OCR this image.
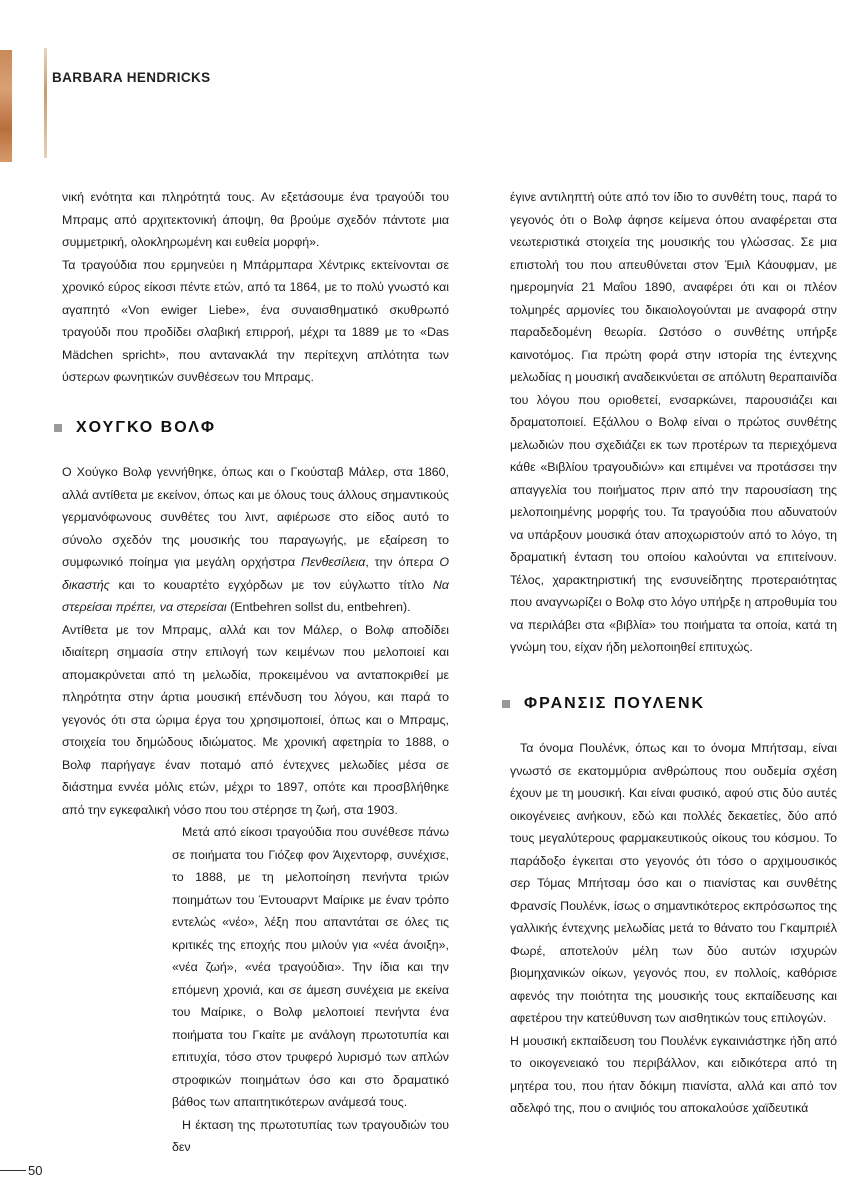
BARBARA HENDRICKS

νική ενότητα και πληρότητά τους. Αν εξετάσουμε ένα τραγούδι του Μπραμς από αρχιτεκτονική άποψη, θα βρούμε σχεδόν πάντοτε μια συμμετρική, ολοκληρωμένη και ευθεία μορφή».

Τα τραγούδια που ερμηνεύει η Μπάρμπαρα Χέντρικς εκτείνονται σε χρονικό εύρος είκοσι πέντε ετών, από τα 1864, με το πολύ γνωστό και αγαπητό «Von ewiger Liebe», ένα συναισθηματικό σκυθρωπό τραγούδι που προδίδει σλαβική επιρροή, μέχρι τα 1889 με το «Das Mädchen spricht», που αντανακλά την περίτεχνη απλότητα των ύστερων φωνητικών συνθέσεων του Μπραμς.

ΧΟΥΓΚΟ ΒΟΛΦ

Ο Χούγκο Βολφ γεννήθηκε, όπως και ο Γκούσταβ Μάλερ, στα 1860, αλλά αντίθετα με εκείνον, όπως και με όλους τους άλλους σημαντικούς γερμανόφωνους συνθέτες του λιντ, αφιέρωσε στο είδος αυτό το σύνολο σχεδόν της μουσικής του παραγωγής, με εξαίρεση το συμφωνικό ποίημα για μεγάλη ορχήστρα Πενθεσίλεια, την όπερα Ο δικαστής και το κουαρτέτο εγχόρδων με τον εύγλωττο τίτλο Να στερείσαι πρέπει, να στερείσαι (Entbehren sollst du, entbehren).

Αντίθετα με τον Μπραμς, αλλά και τον Μάλερ, ο Βολφ αποδίδει ιδιαίτερη σημασία στην επιλογή των κειμένων που μελοποιεί και απομακρύνεται από τη μελωδία, προκειμένου να ανταποκριθεί με πληρότητα στην άρτια μουσική επένδυση του λόγου, και παρά το γεγονός ότι στα ώριμα έργα του χρησιμοποιεί, όπως και ο Μπραμς, στοιχεία του δημώδους ιδιώματος. Με χρονική αφετηρία το 1888, ο Βολφ παρήγαγε έναν ποταμό από έντεχνες μελωδίες μέσα σε διάστημα εννέα μόλις ετών, μέχρι το 1897, οπότε και προσβλήθηκε από την εγκεφαλική νόσο που του στέρησε τη ζωή, στα 1903.

Μετά από είκοσι τραγούδια που συνέθεσε πάνω σε ποιήματα του Γιόζεφ φον Άιχεντορφ, συνέχισε, το 1888, με τη μελοποίηση πενήντα τριών ποιημάτων του Έντουαρντ Μαίρικε με έναν τρόπο εντελώς «νέο», λέξη που απαντάται σε όλες τις κριτικές της εποχής που μιλούν για «νέα άνοιξη», «νέα ζωή», «νέα τραγούδια». Την ίδια και την επόμενη χρονιά, και σε άμεση συνέχεια με εκείνα του Μαίρικε, ο Βολφ μελοποιεί πενήντα ένα ποιήματα του Γκαίτε με ανάλογη πρωτοτυπία και επιτυχία, τόσο στον τρυφερό λυρισμό των απλών στροφικών ποιημάτων όσο και στο δραματικό βάθος των απαιτητικότερων ανάμεσά τους.

Η έκταση της πρωτοτυπίας των τραγουδιών του δεν

έγινε αντιληπτή ούτε από τον ίδιο το συνθέτη τους, παρά το γεγονός ότι ο Βολφ άφησε κείμενα όπου αναφέρεται στα νεωτεριστικά στοιχεία της μουσικής του γλώσσας. Σε μια επιστολή του που απευθύνεται στον Έμιλ Κάουφμαν, με ημερομηνία 21 Μαΐου 1890, αναφέρει ότι και οι πλέον τολμηρές αρμονίες του δικαιολογούνται με αναφορά στην παραδεδομένη θεωρία. Ωστόσο ο συνθέτης υπήρξε καινοτόμος. Για πρώτη φορά στην ιστορία της έντεχνης μελωδίας η μουσική αναδεικνύεται σε απόλυτη θεραπαινίδα του λόγου που οριοθετεί, ενσαρκώνει, παρουσιάζει και δραματοποιεί. Εξάλλου ο Βολφ είναι ο πρώτος συνθέτης μελωδιών που σχεδιάζει εκ των προτέρων τα περιεχόμενα κάθε «Βιβλίου τραγουδιών» και επιμένει να προτάσσει την απαγγελία του ποιήματος πριν από την παρουσίαση της μελοποιημένης μορφής του. Τα τραγούδια που αδυνατούν να υπάρξουν μουσικά όταν αποχωριστούν από το λόγο, τη δραματική ένταση του οποίου καλούνται να επιτείνουν. Τέλος, χαρακτηριστική της ενσυνείδητης προτεραιότητας που αναγνωρίζει ο Βολφ στο λόγο υπήρξε η απροθυμία του να περιλάβει στα «βιβλία» του ποιήματα τα οποία, κατά τη γνώμη του, είχαν ήδη μελοποιηθεί επιτυχώς.

ΦΡΑΝΣΙΣ ΠΟΥΛΕΝΚ

Τα όνομα Πουλένκ, όπως και το όνομα Μπήτσαμ, είναι γνωστό σε εκατομμύρια ανθρώπους που ουδεμία σχέση έχουν με τη μουσική. Και είναι φυσικό, αφού στις δύο αυτές οικογένειες ανήκουν, εδώ και πολλές δεκαετίες, δύο από τους μεγαλύτερους φαρμακευτικούς οίκους του κόσμου. Το παράδοξο έγκειται στο γεγονός ότι τόσο ο αρχιμουσικός σερ Τόμας Μπήτσαμ όσο και ο πιανίστας και συνθέτης Φρανσίς Πουλένκ, ίσως ο σημαντικότερος εκπρόσωπος της γαλλικής έντεχνης μελωδίας μετά το θάνατο του Γκαμπριέλ Φωρέ, αποτελούν μέλη των δύο αυτών ισχυρών βιομηχανικών οίκων, γεγονός που, εν πολλοίς, καθόρισε αφενός την ποιότητα της μουσικής τους εκπαίδευσης και αφετέρου την κατεύθυνση των αισθητικών τους επιλογών.

Η μουσική εκπαίδευση του Πουλένκ εγκαινιάστηκε ήδη από το οικογενειακό του περιβάλλον, και ειδικότερα από τη μητέρα του, που ήταν δόκιμη πιανίστα, αλλά και από τον αδελφό της, που ο ανιψιός του αποκαλούσε χαϊδευτικά

50
